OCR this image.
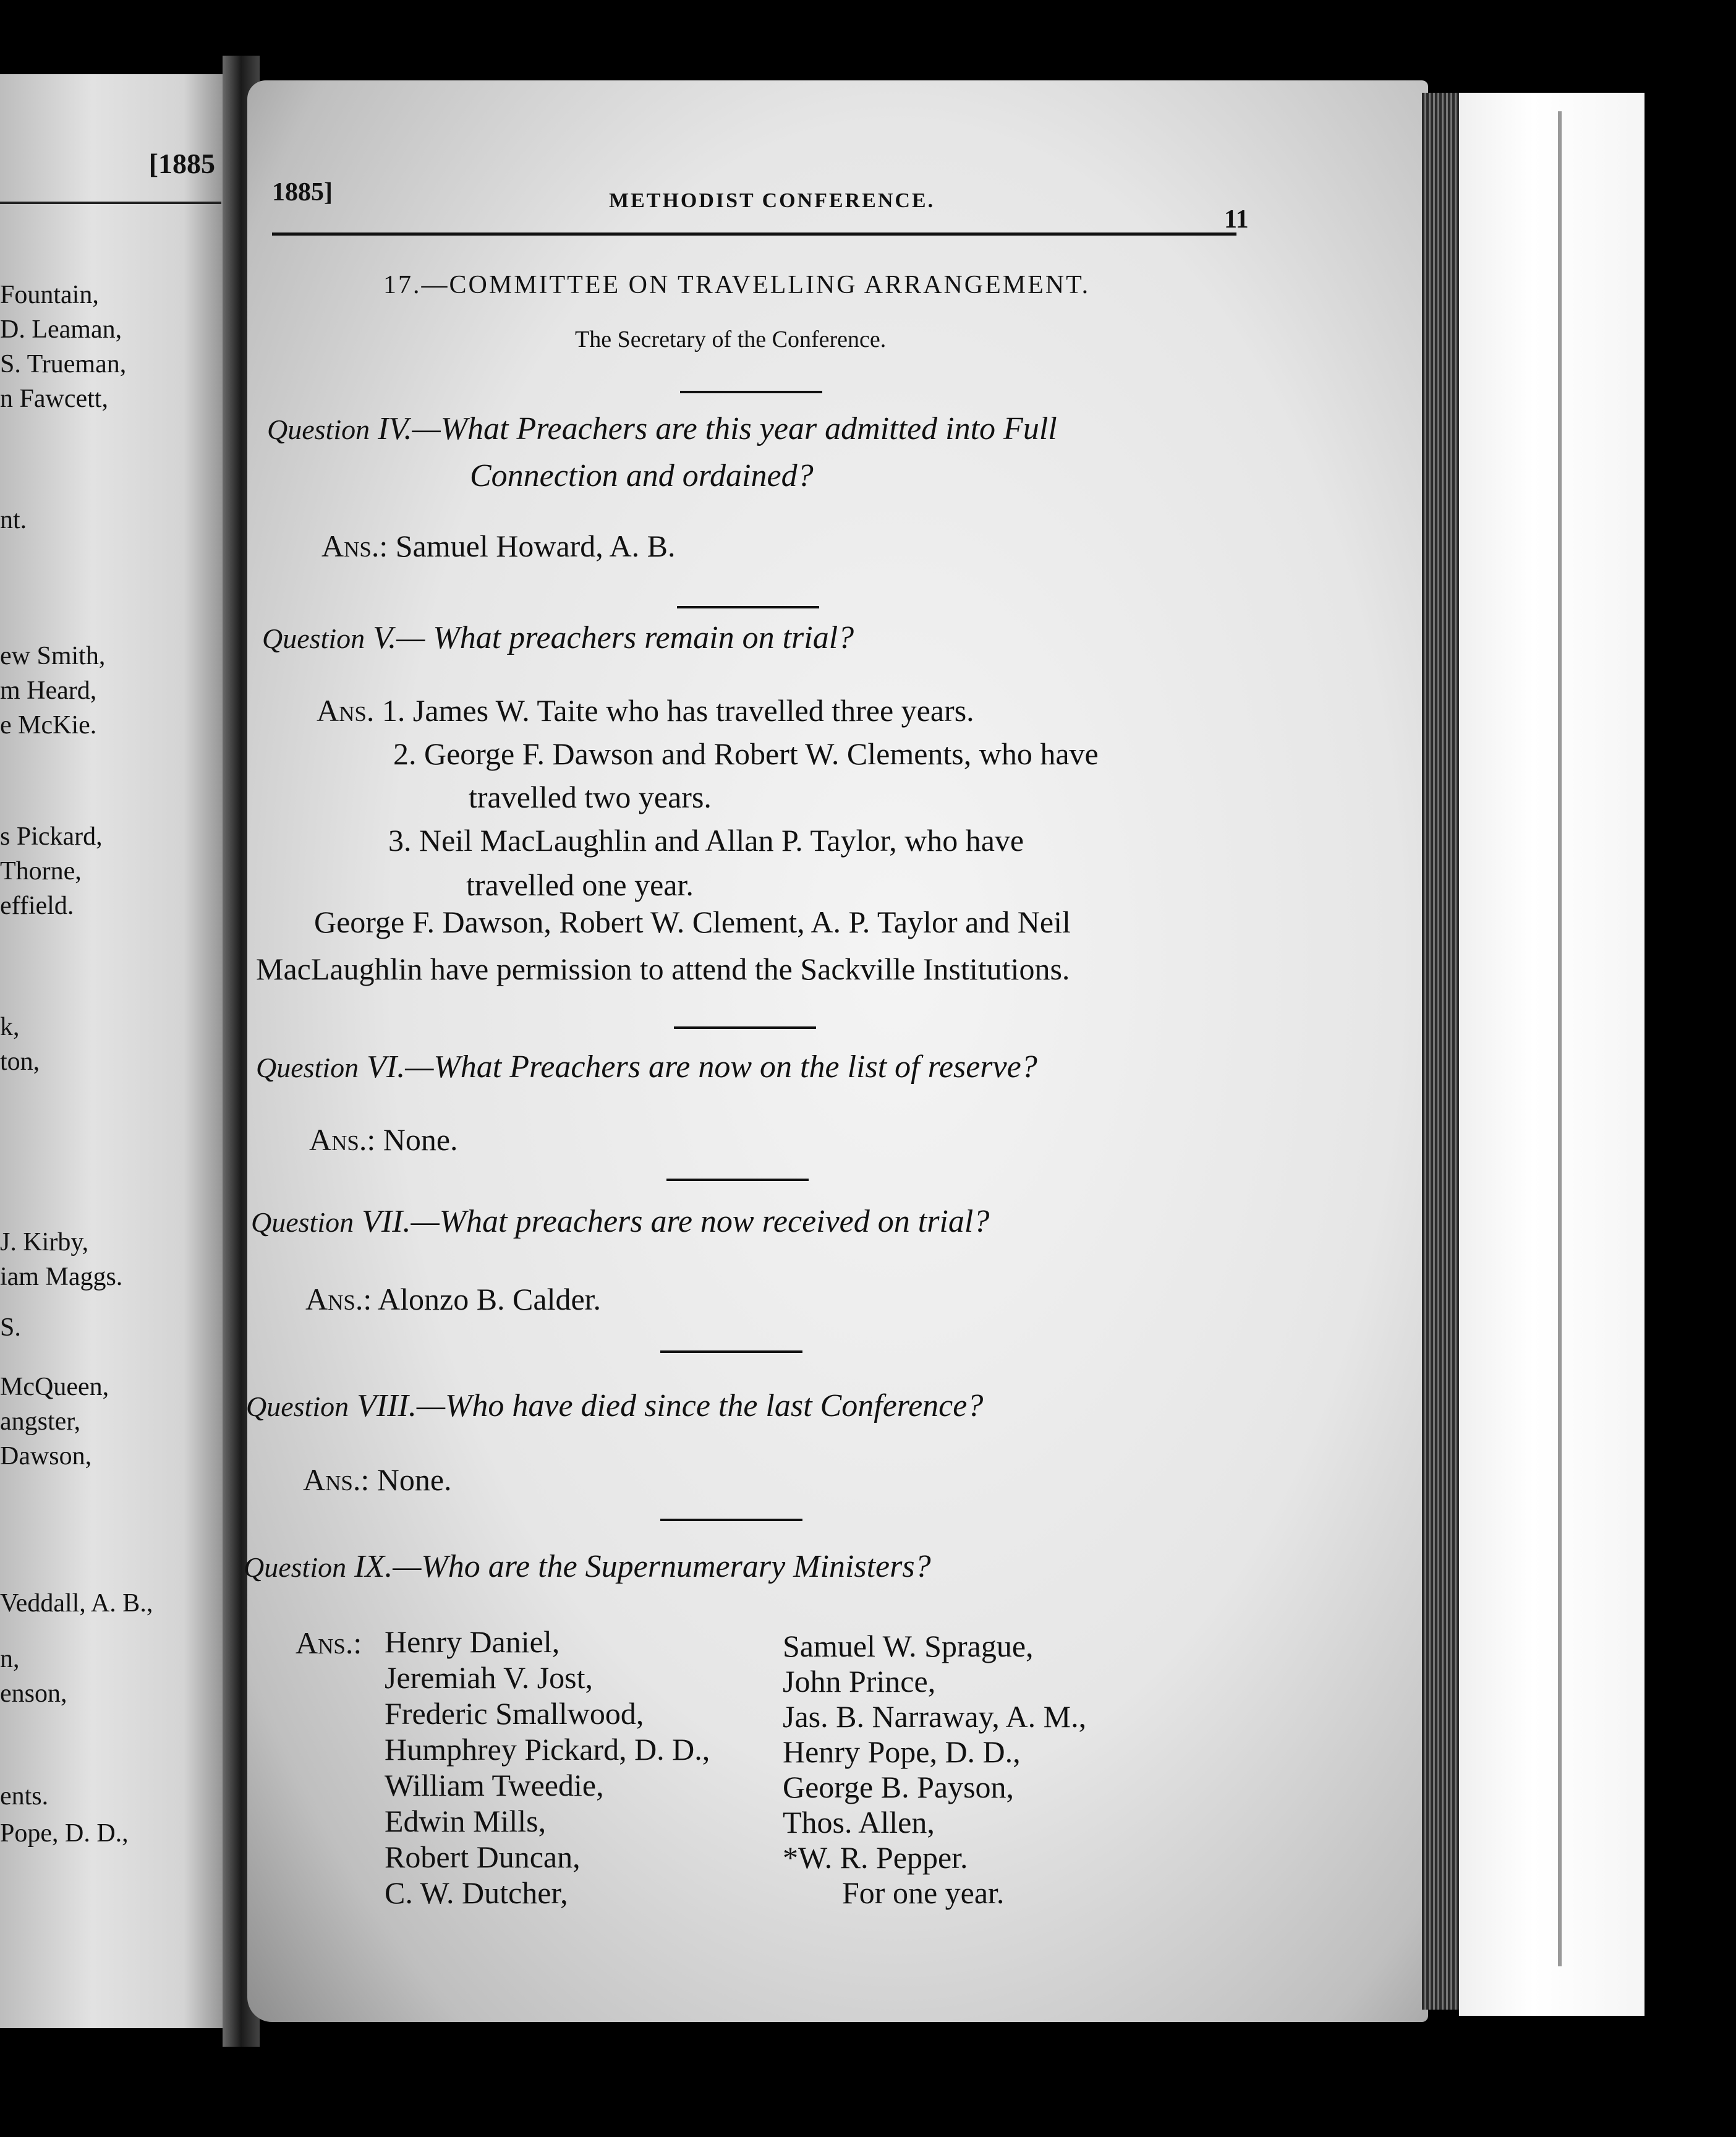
[1885
Fountain,
D. Leaman,
S. Trueman,
n Fawcett,
nt.
ew Smith,
m Heard,
e McKie.
s Pickard,
Thorne,
effield.
k,
ton,
J. Kirby,
iam Maggs.
S.
McQueen,
angster,
Dawson,
Veddall, A. B.,
n,
enson,
ents.
Pope, D. D.,
1885]	METHODIST CONFERENCE.
11
17.—COMMITTEE ON TRAVELLING ARRANGEMENT.
The Secretary of the Conference.
Question IV.—What Preachers are this year admitted into Full
Connection and ordained?
Ans.: Samuel Howard, A. B.
Question V.— What preachers remain on trial?
Ans. 1. James W. Taite who has travelled three years.
2. George F. Dawson and Robert W. Clements, who have
travelled two years.
3. Neil MacLaughlin and Allan P. Taylor, who have
travelled one year.
George F. Dawson, Robert W. Clement, A. P. Taylor and Neil
MacLaughlin have permission to attend the Sackville Institutions.
Question VI.—What Preachers are now on the list of reserve?
Ans.: None.
Question VII.—What preachers are now received on trial?
Ans.: Alonzo B. Calder.
Question VIII.—Who have died since the last Conference?
Ans.: None.
Question IX.—Who are the Supernumerary Ministers?
Ans.: Henry Daniel,
Jeremiah V. Jost,
Frederic Smallwood,
Humphrey Pickard, D. D.,
William Tweedie,
Edwin Mills,
Robert Duncan,
C. W. Dutcher,
Samuel W. Sprague,
John Prince,
Jas. B. Narraway, A. M.,
Henry Pope, D. D.,
George B. Payson,
Thos. Allen,
*W. R. Pepper.
For one year.
